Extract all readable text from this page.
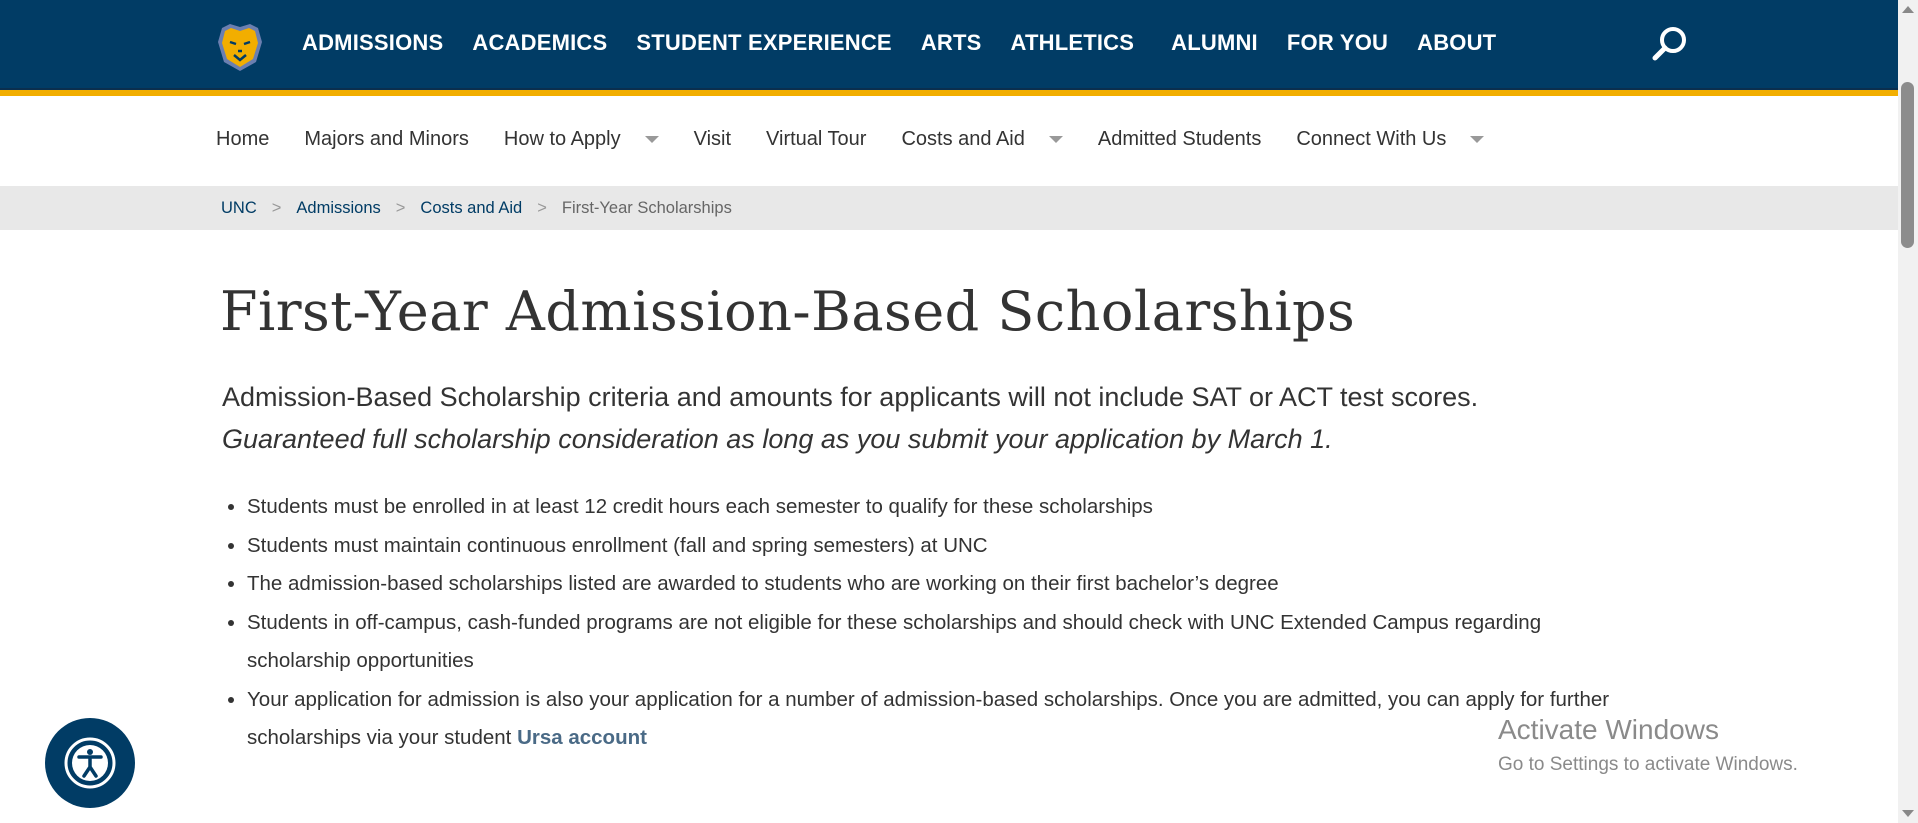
ADMISSIONS ACADEMICS STUDENT EXPERIENCE ARTS ATHLETICS ALUMNI FOR YOU ABOUT
Home Majors and Minors How to Apply	Visit Virtual Tour Costs and Aid	Admitted Students Connect With Us
UNC > Admissions > Costs and Aid > First-Year Scholarships
First-Year Admission-Based Scholarships
Admission-Based Scholarship criteria and amounts for applicants will not include SAT or ACT test scores.
Guaranteed full scholarship consideration as long as you submit your application by March 1.
• Students must be enrolled in at least 12 credit hours each semester to qualify for these scholarships
• Students must maintain continuous enrollment (fall and spring semesters) at UNC
• The admission-based scholarships listed are awarded to students who are working on their first bachelor’s degree
• Students in off-campus, cash-funded programs are not eligible for these scholarships and should check with UNC Extended Campus regarding scholarship opportunities
• Your application for admission is also your application for a number of admission-based scholarships. Once you are admitted, you can apply for further scholarships via your student Ursa account	Activate Windows
Go to Settings to activate Windows.
